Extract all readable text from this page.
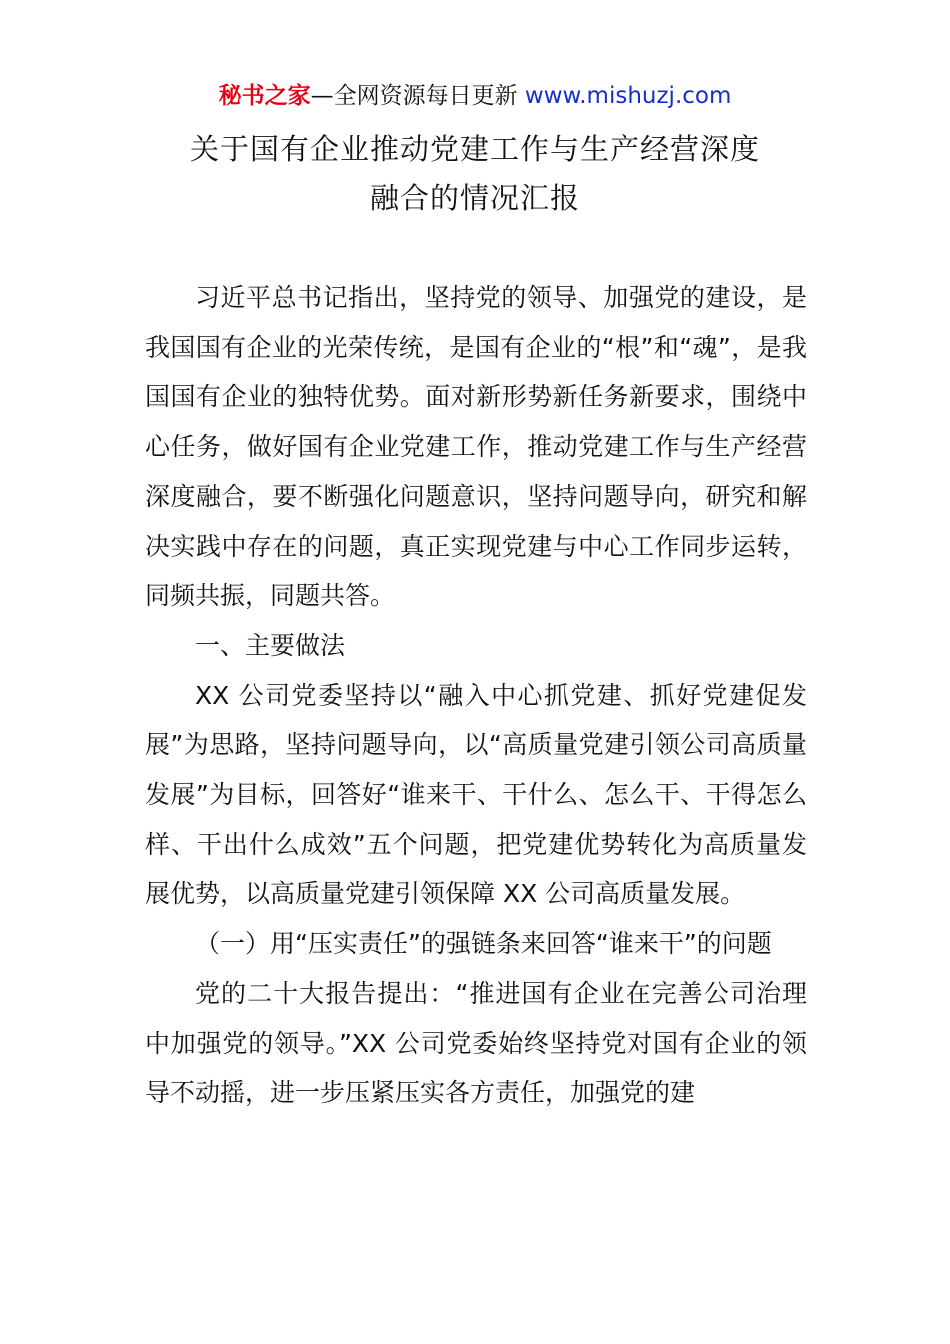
秘书之家—全网资源每日更新 www.mishuzj.com
关于国有企业推动党建工作与生产经营深度
融合的情况汇报

习近平总书记指出，坚持党的领导、加强党的建设，是我国国有企业的光荣传统，是国有企业的“根”和“魂”，是我国国有企业的独特优势。面对新形势新任务新要求，围绕中心任务，做好国有企业党建工作，推动党建工作与生产经营深度融合，要不断强化问题意识，坚持问题导向，研究和解决实践中存在的问题，真正实现党建与中心工作同步运转，同频共振，同题共答。

一、主要做法

XX 公司党委坚持以“融入中心抓党建、抓好党建促发展”为思路，坚持问题导向，以“高质量党建引领公司高质量发展”为目标，回答好“谁来干、干什么、怎么干、干得怎么样、干出什么成效”五个问题，把党建优势转化为高质量发展优势，以高质量党建引领保障 XX 公司高质量发展。

（一）用“压实责任”的强链条来回答“谁来干”的问题

党的二十大报告提出：“推进国有企业在完善公司治理中加强党的领导。”XX 公司党委始终坚持党对国有企业的领导不动摇，进一步压紧压实各方责任，加强党的建
